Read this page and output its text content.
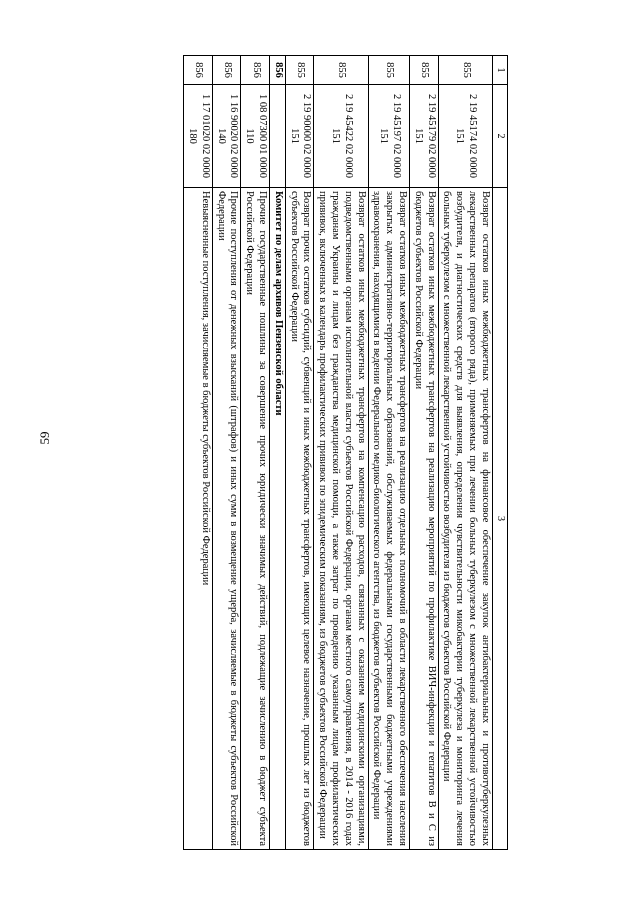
59
1	2	3
855	2 19 45174 02 0000 151	Возврат остатков иных межбюджетных трансфертов на финансовое обеспечение закупок антибактериальных и противотуберкулезных лекарственных препаратов (второго ряда), применяемых при лечении больных туберкулезом с множественной лекарственной устойчивостью возбудителя, и диагностических средств для выявления, определения чувствительности микобактерии туберкулеза и мониторинга лечения больных туберкулезом с множественной лекарственной устойчивостью возбудителя из бюджетов субъектов Российской Федерации
855	2 19 45179 02 0000 151	Возврат остатков иных межбюджетных трансфертов на реализацию мероприятий по профилактике ВИЧ-инфекции и гепатитов В и С из бюджетов субъектов Российской Федерации
855	2 19 45197 02 0000 151	Возврат остатков иных межбюджетных трансфертов на реализацию отдельных полномочий в области лекарственного обеспечения населения закрытых административно-территориальных образований, обслуживаемых федеральными государственными бюджетными учреждениями здравоохранения, находящимися в ведении Федерального медико-биологического агентства, из бюджетов субъектов Российской Федерации
855	2 19 45422 02 0000 151	Возврат остатков иных межбюджетных трансфертов на компенсацию расходов, связанных с оказанием медицинскими организациями, подведомственными органам исполнительной власти субъектов Российской Федерации, органам местного самоуправления, в 2014 - 2016 годах гражданам Украины и лицам без гражданства медицинской помощи, а также затрат по проведению указанным лицам профилактических прививок, включенных в календарь профилактических прививок по эпидемическим показаниям, из бюджетов субъектов Российской Федерации
855	2 19 90000 02 0000 151	Возврат прочих остатков субсидий, субвенций и иных межбюджетных трансфертов, имеющих целевое назначение, прошлых лет из бюджетов субъектов Российской Федерации
856		Комитет по делам архивов Пензенской области
856	1 08 07300 01 0000 110	Прочие государственные пошлины за совершение прочих юридически значимых действий, подлежащие зачислению в бюджет субъекта Российской Федерации
856	1 16 90020 02 0000 140	Прочие поступления от денежных взысканий (штрафов) и иных сумм в возмещение ущерба, зачисляемые в бюджеты субъектов Российской Федерации
856	1 17 01020 02 0000 180	Невыясненные поступления, зачисляемые в бюджеты субъектов Российской Федерации
